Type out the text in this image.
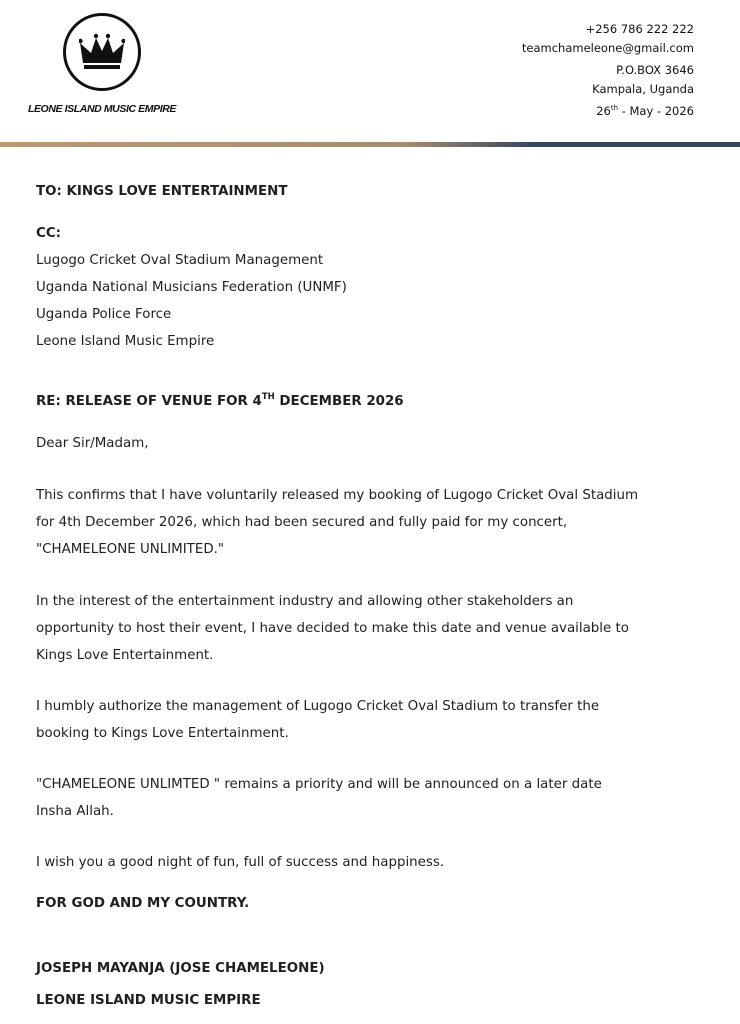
LEONE ISLAND MUSIC EMPIRE
+256 786 222 222
teamchameleone@gmail.com
P.O.BOX 3646
Kampala, Uganda
26th - May - 2026

TO: KINGS LOVE ENTERTAINMENT

CC:

Lugogo Cricket Oval Stadium Management

Uganda National Musicians Federation (UNMF)

Uganda Police Force

Leone Island Music Empire

RE: RELEASE OF VENUE FOR 4TH DECEMBER 2026

Dear Sir/Madam,

This confirms that I have voluntarily released my booking of Lugogo Cricket Oval Stadium

for 4th December 2026, which had been secured and fully paid for my concert,

"CHAMELEONE UNLIMITED."

In the interest of the entertainment industry and allowing other stakeholders an

opportunity to host their event, I have decided to make this date and venue available to

Kings Love Entertainment.

I humbly authorize the management of Lugogo Cricket Oval Stadium to transfer the

booking to Kings Love Entertainment.

"CHAMELEONE UNLIMTED " remains a priority and will be announced on a later date

Insha Allah.

I wish you a good night of fun, full of success and happiness.

FOR GOD AND MY COUNTRY.

JOSEPH MAYANJA (JOSE CHAMELEONE)

LEONE ISLAND MUSIC EMPIRE
